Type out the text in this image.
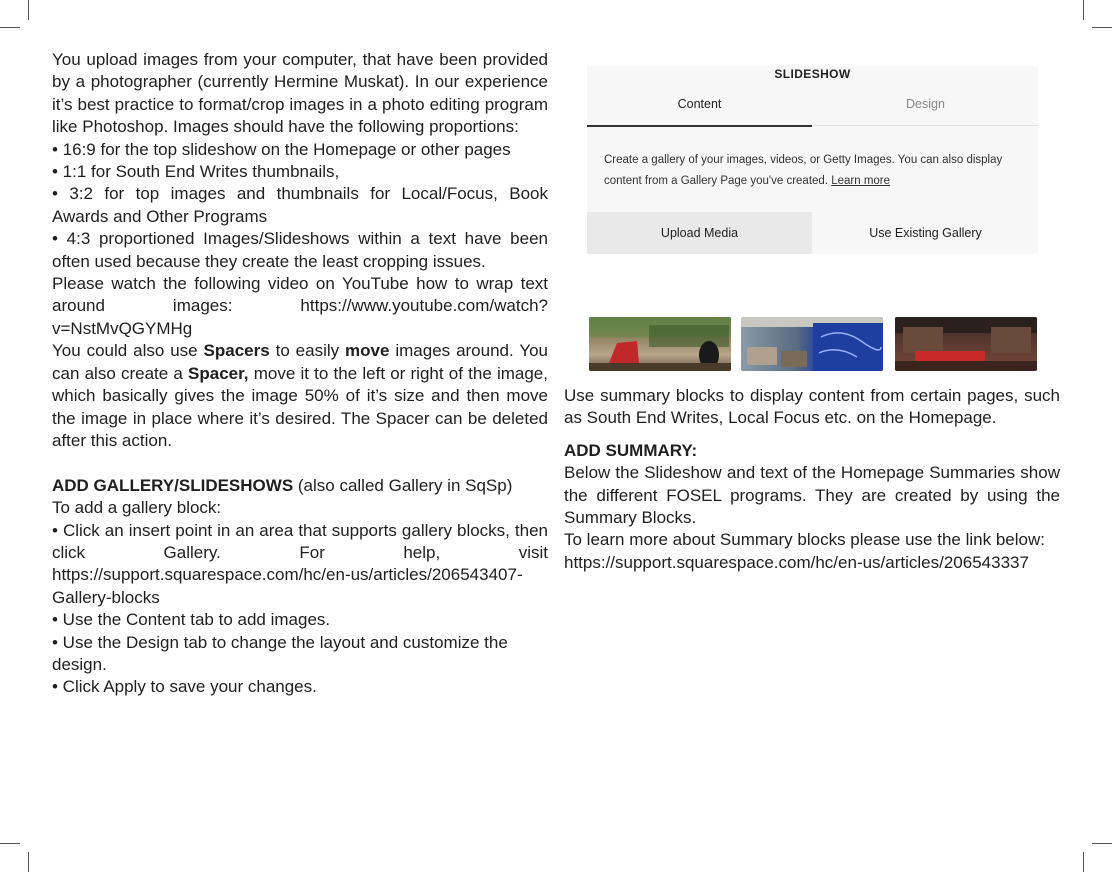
You upload images from your computer, that have been provided by a photographer (currently Hermine Muskat). In our experience it’s best practice to format/crop images in a photo editing program like Photoshop. Images should have the following proportions:

• 16:9 for the top slideshow on the Homepage or other pages

• 1:1 for South End Writes thumbnails,

• 3:2 for top images and thumbnails for Local/Focus, Book Awards and Other Programs

• 4:3 proportioned Images/Slideshows within a text have been often used because they create the least cropping issues.

Please watch the following video on YouTube how to wrap text around images: https://www.youtube.com/watch?v=NstMvQGYMHg

You could also use Spacers to easily move images around. You can also create a Spacer, move it to the left or right of the image, which basically gives the image 50% of it’s size and then move the image in place where it’s desired. The Spacer can be deleted after this action.

ADD GALLERY/SLIDESHOWS (also called Gallery in SqSp)

To add a gallery block:

• Click an insert point in an area that supports gallery blocks, then click Gallery. For help, visit https://support.squarespace.com/hc/en-us/articles/206543407-Gallery-blocks

• Use the Content tab to add images.

• Use the Design tab to change the layout and customize the design.

• Click Apply to save your changes.

SLIDESHOW
Content	Design
Create a gallery of your images, videos, or Getty Images. You can also display content from a Gallery Page you've created. Learn more
Upload Media	Use Existing Gallery

Use summary blocks to display content from certain pages, such as South End Writes, Local Focus etc. on the Homepage.

ADD SUMMARY:

Below the Slideshow and text of the Homepage Summaries show the different FOSEL programs. They are created by using the Summary Blocks.

To learn more about Summary blocks please use the link below:

https://support.squarespace.com/hc/en-us/articles/206543337
